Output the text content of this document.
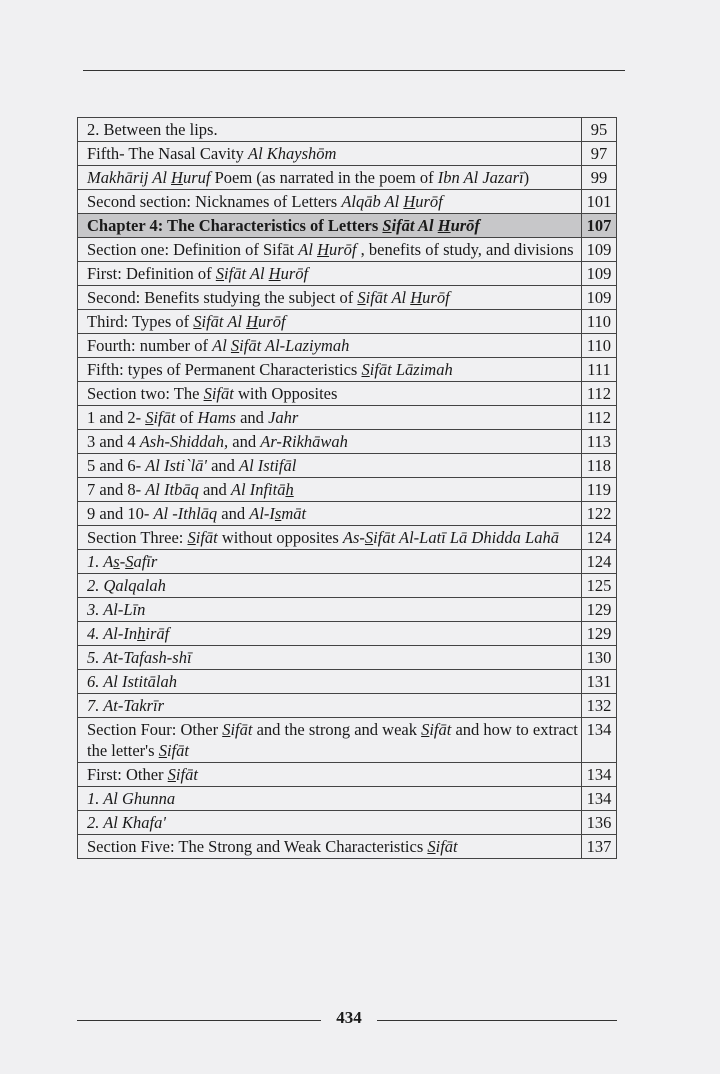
2. Between the lips.	95
Fifth- The Nasal Cavity Al Khayshōm	97
Makhārij Al Huruf Poem (as narrated in the poem of Ibn Al Jazarī)	99
Second section: Nicknames of Letters Alqāb Al Hurōf	101
Chapter 4: The Characteristics of Letters Sifāt Al Hurōf	107
Section one: Definition of Sifāt Al Hurōf , benefits of study, and divisions	109
First: Definition of Sifāt Al Hurōf	109
Second: Benefits studying the subject of Sifāt Al Hurōf	109
Third: Types of Sifāt Al Hurōf	110
Fourth: number of Al Sifāt Al-Laziymah	110
Fifth: types of Permanent Characteristics Sifāt Lāzimah	111
Section two: The Sifāt with Opposites	112
1 and 2- Sifāt of Hams and Jahr	112
3 and 4 Ash-Shiddah, and Ar-Rikhāwah	113
5 and 6- Al Isti`lā' and Al Istifāl	118
7 and 8- Al Itbāq and Al Infitāh	119
9 and 10- Al -Ithlāq and Al-Ismāt	122
Section Three: Sifāt without opposites As-Sifāt Al-Latī Lā Dhidda Lahā	124
1. As-Safīr	124
2. Qalqalah	125
3. Al-Līn	129
4. Al-Inhirāf	129
5. At-Tafash-shī	130
6. Al Istitālah	131
7. At-Takrīr	132
Section Four: Other Sifāt and the strong and weak Sifāt and how to extract the letter's Sifāt	134
First: Other Sifāt	134
1. Al Ghunna	134
2. Al Khafa'	136
Section Five: The Strong and Weak Characteristics Sifāt	137
434
